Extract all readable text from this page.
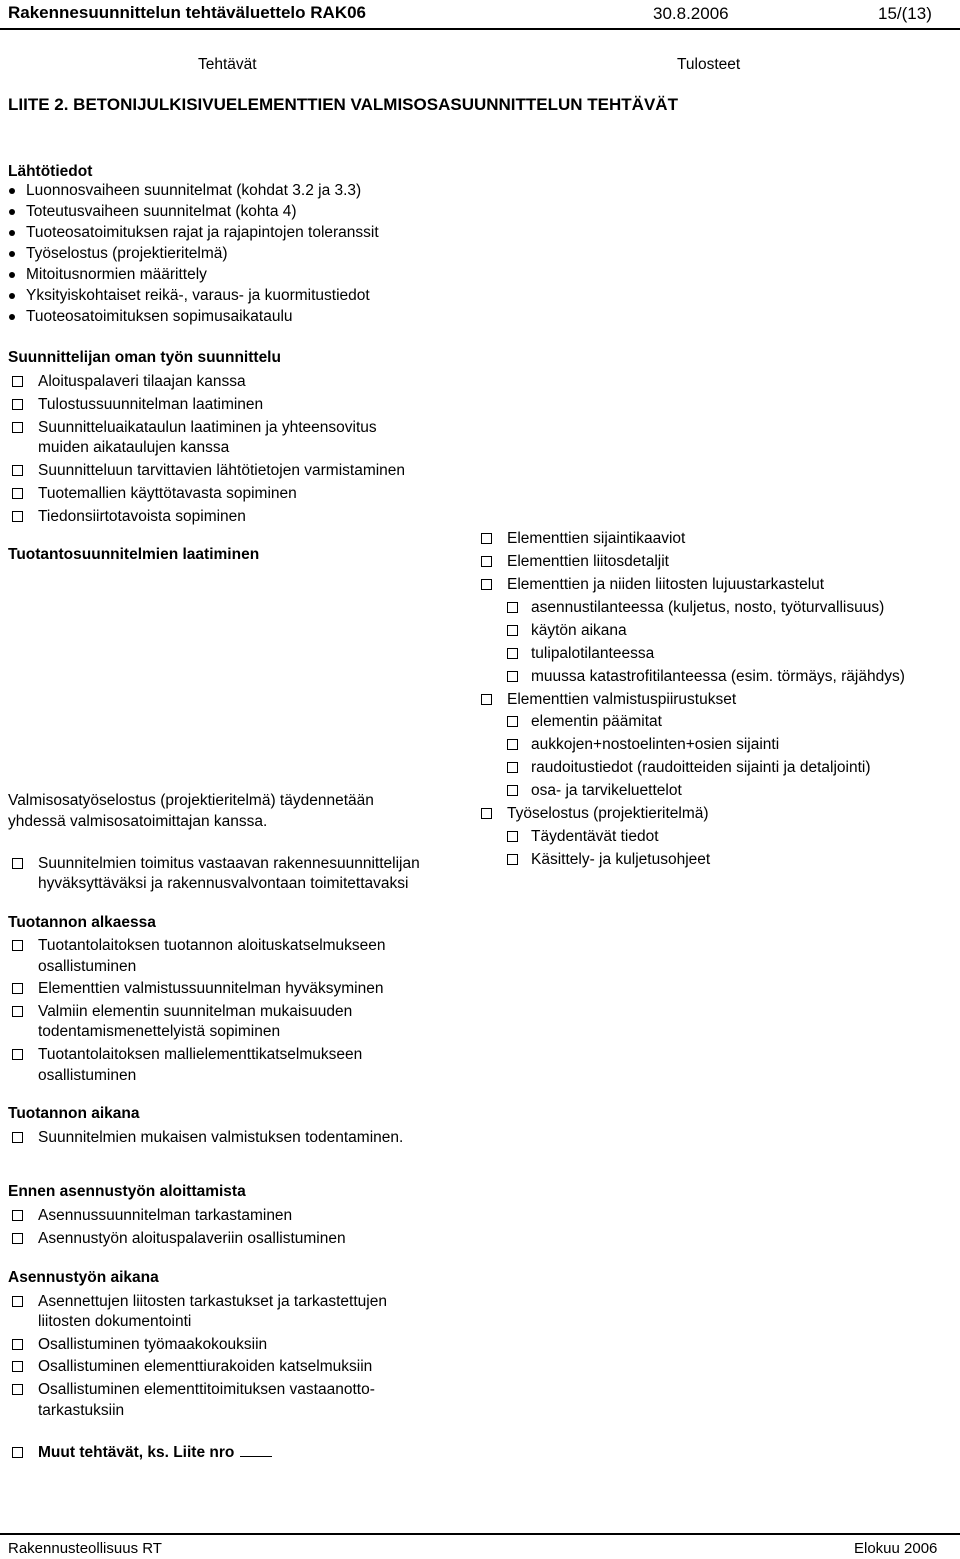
Rakennesuunnittelun tehtäväluettelo RAK06	30.8.2006	15/(13)
Tehtävät	Tulosteet
LIITE 2. BETONIJULKISIVUELEMENTTIEN VALMISOSASUUNNITTELUN TEHTÄVÄT
Lähtötiedot
Luonnosvaiheen suunnitelmat (kohdat 3.2 ja 3.3)
Toteutusvaiheen suunnitelmat (kohta 4)
Tuoteosatoimituksen rajat ja rajapintojen toleranssit
Työselostus (projektieritelmä)
Mitoitusnormien määrittely
Yksityiskohtaiset reikä-, varaus- ja kuormitustiedot
Tuoteosatoimituksen sopimusaikataulu
Suunnittelijan oman työn suunnittelu
Aloituspalaveri tilaajan kanssa
Tulostussuunnitelman laatiminen
Suunnitteluaikataulun laatiminen ja yhteensovitus
muiden aikataulujen kanssa
Suunnitteluun tarvittavien lähtötietojen varmistaminen
Tuotemallien käyttötavasta sopiminen
Tiedonsiirtotavoista sopiminen
Tuotantosuunnitelmien laatiminen
Elementtien sijaintikaaviot
Elementtien liitosdetaljit
Elementtien ja niiden liitosten lujuustarkastelut
asennustilanteessa (kuljetus, nosto, työturvallisuus)
käytön aikana
tulipalotilanteessa
muussa katastrofitilanteessa (esim. törmäys, räjähdys)
Elementtien valmistuspiirustukset
elementin päämitat
aukkojen+nostoelinten+osien sijainti
raudoitustiedot (raudoitteiden sijainti ja detaljointi)
osa- ja tarvikeluettelot
Työselostus (projektieritelmä)
Täydentävät tiedot
Käsittely- ja kuljetusohjeet
Valmisosatyöselostus (projektieritelmä) täydennetään
yhdessä valmisosatoimittajan kanssa.
Suunnitelmien toimitus vastaavan rakennesuunnittelijan
hyväksyttäväksi ja rakennusvalvontaan toimitettavaksi
Tuotannon alkaessa
Tuotantolaitoksen tuotannon aloituskatselmukseen
osallistuminen
Elementtien valmistussuunnitelman hyväksyminen
Valmiin elementin suunnitelman mukaisuuden
todentamismenettelyistä sopiminen
Tuotantolaitoksen mallielementtikatselmukseen
osallistuminen
Tuotannon aikana
Suunnitelmien mukaisen valmistuksen todentaminen.
Ennen asennustyön aloittamista
Asennussuunnitelman tarkastaminen
Asennustyön aloituspalaveriin osallistuminen
Asennustyön aikana
Asennettujen liitosten tarkastukset ja tarkastettujen
liitosten dokumentointi
Osallistuminen työmaakokouksiin
Osallistuminen elementtiurakoiden katselmuksiin
Osallistuminen elementtitoimituksen vastaanotto-
tarkastuksiin
Muut tehtävät, ks. Liite nro
Rakennusteollisuus RT	Elokuu 2006
